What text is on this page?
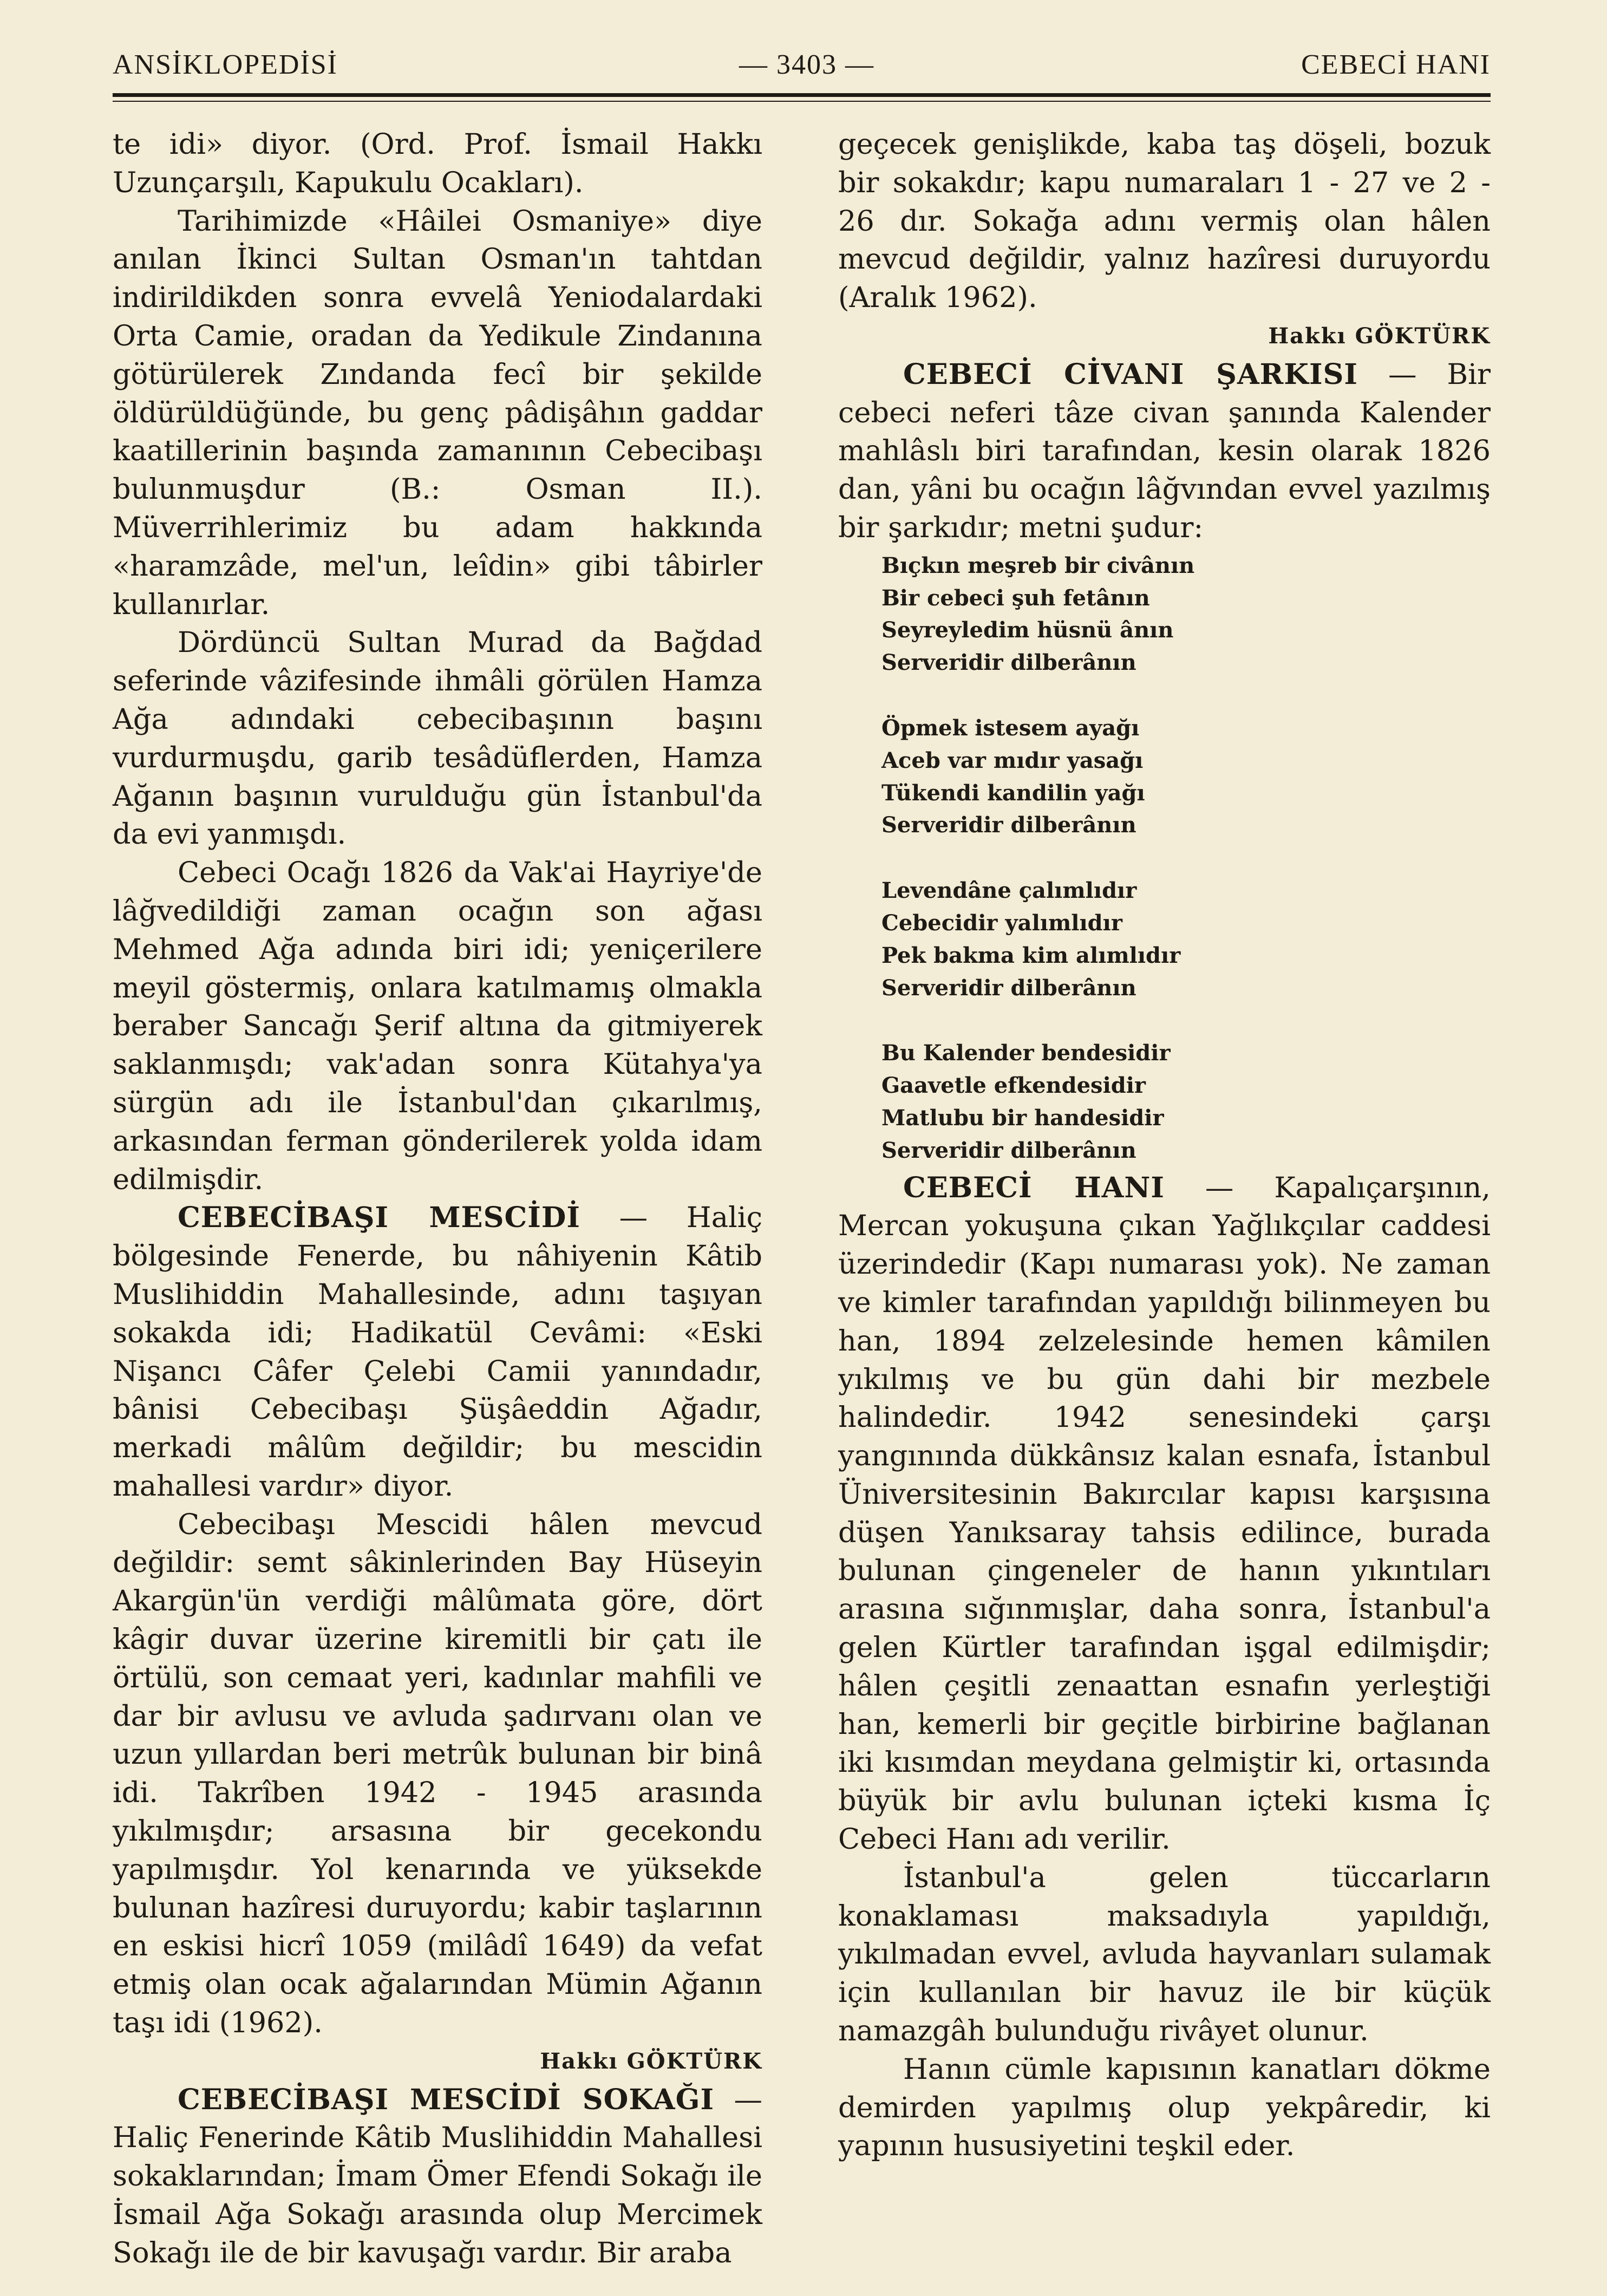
ANSİKLOPEDİSİ	— 3403 —	CEBECİ HANI

te idi» diyor. (Ord. Prof. İsmail Hakkı Uzunçarşılı, Kapukulu Ocakları).

Tarihimizde «Hâilei Osmaniye» diye anılan İkinci Sultan Osman'ın tahtdan indirildikden sonra evvelâ Yeniodalardaki Orta Camie, oradan da Yedikule Zindanına götürülerek Zındanda fecî bir şekilde öldürüldüğünde, bu genç pâdişâhın gaddar kaatillerinin başında zamanının Cebecibaşı bulunmuşdur (B.: Osman II.). Müverrihlerimiz bu adam hakkında «haramzâde, mel'un, leîdin» gibi tâbirler kullanırlar.

Dördüncü Sultan Murad da Bağdad seferinde vâzifesinde ihmâli görülen Hamza Ağa adındaki cebecibaşının başını vurdurmuşdu, garib tesâdüflerden, Hamza Ağanın başının vurulduğu gün İstanbul'da da evi yanmışdı.

Cebeci Ocağı 1826 da Vak'ai Hayriye'de lâğvedildiği zaman ocağın son ağası Mehmed Ağa adında biri idi; yeniçerilere meyil göstermiş, onlara katılmamış olmakla beraber Sancağı Şerif altına da gitmiyerek saklanmışdı; vak'adan sonra Kütahya'ya sürgün adı ile İstanbul'dan çıkarılmış, arkasından ferman gönderilerek yolda idam edilmişdir.

CEBECİBAŞI MESCİDİ — Haliç bölgesinde Fenerde, bu nâhiyenin Kâtib Muslihiddin Mahallesinde, adını taşıyan sokakda idi; Hadikatül Cevâmi: «Eski Nişancı Câfer Çelebi Camii yanındadır, bânisi Cebecibaşı Şüşâeddin Ağadır, merkadi mâlûm değildir; bu mescidin mahallesi vardır» diyor.

Cebecibaşı Mescidi hâlen mevcud değildir: semt sâkinlerinden Bay Hüseyin Akargün'ün verdiği mâlûmata göre, dört kâgir duvar üzerine kiremitli bir çatı ile örtülü, son cemaat yeri, kadınlar mahfili ve dar bir avlusu ve avluda şadırvanı olan ve uzun yıllardan beri metrûk bulunan bir binâ idi. Takrîben 1942 - 1945 arasında yıkılmışdır; arsasına bir gecekondu yapılmışdır. Yol kenarında ve yüksekde bulunan hazîresi duruyordu; kabir taşlarının en eskisi hicrî 1059 (milâdî 1649) da vefat etmiş olan ocak ağalarından Mümin Ağanın taşı idi (1962).

Hakkı GÖKTÜRK

CEBECİBAŞI MESCİDİ SOKAĞI — Haliç Fenerinde Kâtib Muslihiddin Mahallesi sokaklarından; İmam Ömer Efendi Sokağı ile İsmail Ağa Sokağı arasında olup Mercimek Sokağı ile de bir kavuşağı vardır. Bir araba

geçecek genişlikde, kaba taş döşeli, bozuk bir sokakdır; kapu numaraları 1 - 27 ve 2 - 26 dır. Sokağa adını vermiş olan hâlen mevcud değildir, yalnız hazîresi duruyordu (Aralık 1962).

Hakkı GÖKTÜRK

CEBECİ CİVANI ŞARKISI — Bir cebeci neferi tâze civan şanında Kalender mahlâslı biri tarafından, kesin olarak 1826 dan, yâni bu ocağın lâğvından evvel yazılmış bir şarkıdır; metni şudur:

Bıçkın meşreb bir civânın
Bir cebeci şuh fetânın
Seyreyledim hüsnü ânın
Serveridir dilberânın
Öpmek istesem ayağı
Aceb var mıdır yasağı
Tükendi kandilin yağı
Serveridir dilberânın
Levendâne çalımlıdır
Cebecidir yalımlıdır
Pek bakma kim alımlıdır
Serveridir dilberânın
Bu Kalender bendesidir
Gaavetle efkendesidir
Matlubu bir handesidir
Serveridir dilberânın

CEBECİ HANI — Kapalıçarşının, Mercan yokuşuna çıkan Yağlıkçılar caddesi üzerindedir (Kapı numarası yok). Ne zaman ve kimler tarafından yapıldığı bilinmeyen bu han, 1894 zelzelesinde hemen kâmilen yıkılmış ve bu gün dahi bir mezbele halindedir. 1942 senesindeki çarşı yangınında dükkânsız kalan esnafa, İstanbul Üniversitesinin Bakırcılar kapısı karşısına düşen Yanıksaray tahsis edilince, burada bulunan çingeneler de hanın yıkıntıları arasına sığınmışlar, daha sonra, İstanbul'a gelen Kürtler tarafından işgal edilmişdir; hâlen çeşitli zenaattan esnafın yerleştiği han, kemerli bir geçitle birbirine bağlanan iki kısımdan meydana gelmiştir ki, ortasında büyük bir avlu bulunan içteki kısma İç Cebeci Hanı adı verilir.

İstanbul'a gelen tüccarların konaklaması maksadıyla yapıldığı, yıkılmadan evvel, avluda hayvanları sulamak için kullanılan bir havuz ile bir küçük namazgâh bulunduğu rivâyet olunur.

Hanın cümle kapısının kanatları dökme demirden yapılmış olup yekpâredir, ki yapının hususiyetini teşkil eder.
